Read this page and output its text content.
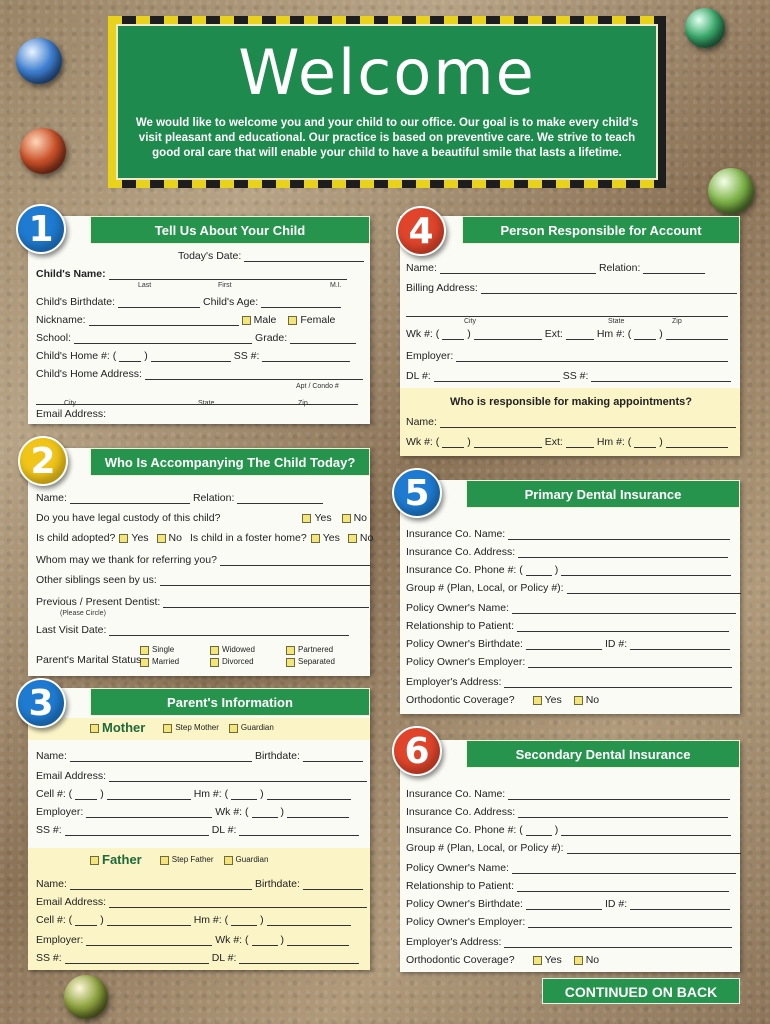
Welcome
We would like to welcome you and your child to our office. Our goal is to make every child's visit pleasant and educational. Our practice is based on preventive care. We strive to teach good oral care that will enable your child to have a beautiful smile that lasts a lifetime.
Tell Us About Your Child
Today's Date:
Child's Name:
Last	First	M.I.
Child's Birthdate:	Child's Age:
Nickname:	Male Female
School:	Grade:
Child's Home #: (	)	SS #:
Child's Home Address:
Apt / Condo #
City	State	Zip
Email Address:
1
Who Is Accompanying The Child Today?
Name:	Relation:
Do you have legal custody of this child?	Yes No
Is child adopted? Yes No Is child in a foster home? Yes No
Whom may we thank for referring you?
Other siblings seen by us:
Previous / Present Dentist:
(Please Circle)
Last Visit Date:
Single	Widowed	Partnered
Married	Divorced	Separated
Parent's Marital Status
2
Parent's Information
Mother	Step Mother	Guardian
Name:	Birthdate:
Email Address:
Cell #: (	)	Hm #: (	)
Employer:	Wk #: (	)
SS #:	DL #:
Father	Step Father	Guardian
Name:	Birthdate:
Email Address:
Cell #: (	)	Hm #: (	)
Employer:	Wk #: (	)
SS #:	DL #:
3
Person Responsible for Account
Name:	Relation:
Billing Address:
City	State	Zip
Wk #: (	)	Ext:	Hm #: (	)
Employer:
DL #:	SS #:
Who is responsible for making appointments?
Name:
Wk #: (	)	Ext:	Hm #: (	)
4
Primary Dental Insurance
Insurance Co. Name:
Insurance Co. Address:
Insurance Co. Phone #: (	)
Group # (Plan, Local, or Policy #):
Policy Owner's Name:
Relationship to Patient:
Policy Owner's Birthdate:	ID #:
Policy Owner's Employer:
Employer's Address:
Orthodontic Coverage?	Yes No
5
Secondary Dental Insurance
Insurance Co. Name:
Insurance Co. Address:
Insurance Co. Phone #: (	)
Group # (Plan, Local, or Policy #):
Policy Owner's Name:
Relationship to Patient:
Policy Owner's Birthdate:	ID #:
Policy Owner's Employer:
Employer's Address:
Orthodontic Coverage?	Yes No
6
CONTINUED ON BACK
